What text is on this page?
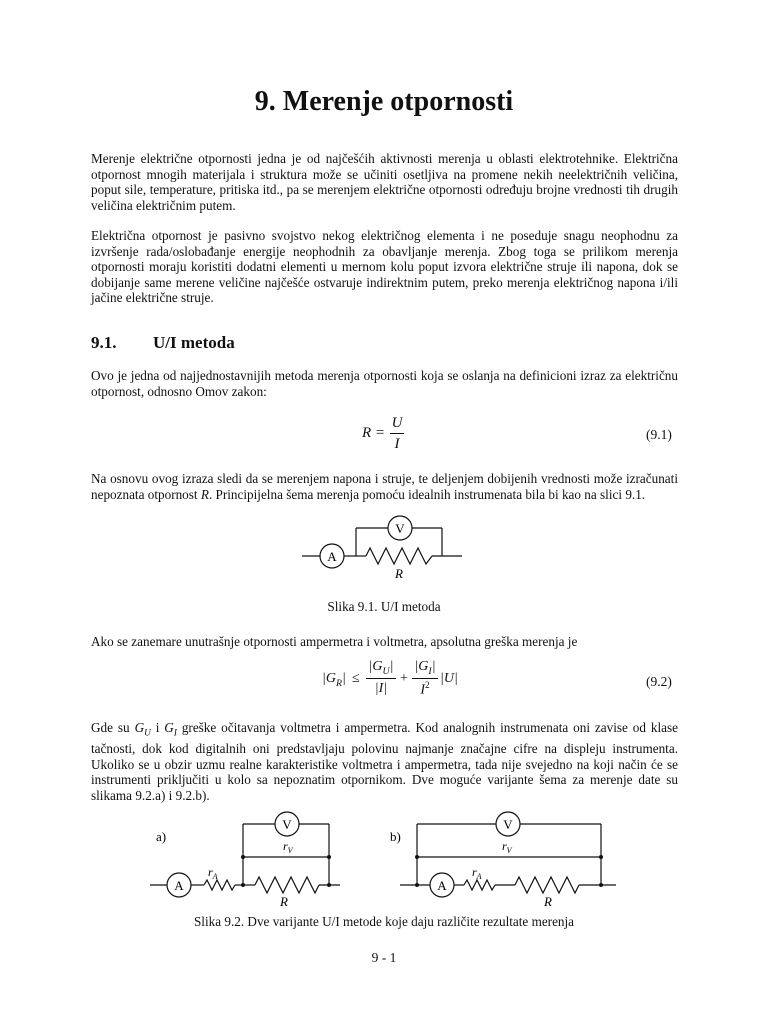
9. Merenje otpornosti
Merenje električne otpornosti jedna je od najčešćih aktivnosti merenja u oblasti elektrotehnike. Električna otpornost mnogih materijala i struktura može se učiniti osetljiva na promene nekih neelektričnih veličina, poput sile, temperature, pritiska itd., pa se merenjem električne otpornosti određuju brojne vrednosti tih drugih veličina električnim putem.
Električna otpornost je pasivno svojstvo nekog električnog elementa i ne poseduje snagu neophodnu za izvršenje rada/oslobađanje energije neophodnih za obavljanje merenja. Zbog toga se prilikom merenja otpornosti moraju koristiti dodatni elementi u mernom kolu poput izvora električne struje ili napona, dok se dobijanje same merene veličine najčešće ostvaruje indirektnim putem, preko merenja električnog napona i/ili jačine električne struje.
9.1. U/I metoda
Ovo je jedna od najjednostavnijih metoda merenja otpornosti koja se oslanja na definicioni izraz za električnu otpornost, odnosno Omov zakon:
R =
U
I
(9.1)
Na osnovu ovog izraza sledi da se merenjem napona i struje, te deljenjem dobijenih vrednosti može izračunati nepoznata otpornost R. Principijelna šema merenja pomoću idealnih instrumenata bila bi kao na slici 9.1.
A
V
R
Slika 9.1. U/I metoda
Ako se zanemare unutrašnje otpornosti ampermetra i voltmetra, apsolutna greška merenja je
$|G_R|$ ≤
$|G_U|$
|I|
+
$|G_I|$
$I^2$ |U|	(9.2)
Gde su $G_U$ i $G_I$ greške očitavanja voltmetra i ampermetra. Kod analognih instrumenata oni zavise od klase tačnosti, dok kod digitalnih oni predstavljaju polovinu najmanje značajne cifre na displeju instrumenta. Ukoliko se u obzir uzmu realne karakteristike voltmetra i ampermetra, tada nije svejedno na koji način će se instrumenti priključiti u kolo sa nepoznatim otpornikom. Dve moguće varijante šema za merenje date su slikama 9.2.a) i 9.2.b).
a)
A
V
$r_V$
$r_A$
R
b)
A
V
$r_V$
$r_A$
R
Slika 9.2. Dve varijante U/I metode koje daju različite rezultate merenja
9 - 1
